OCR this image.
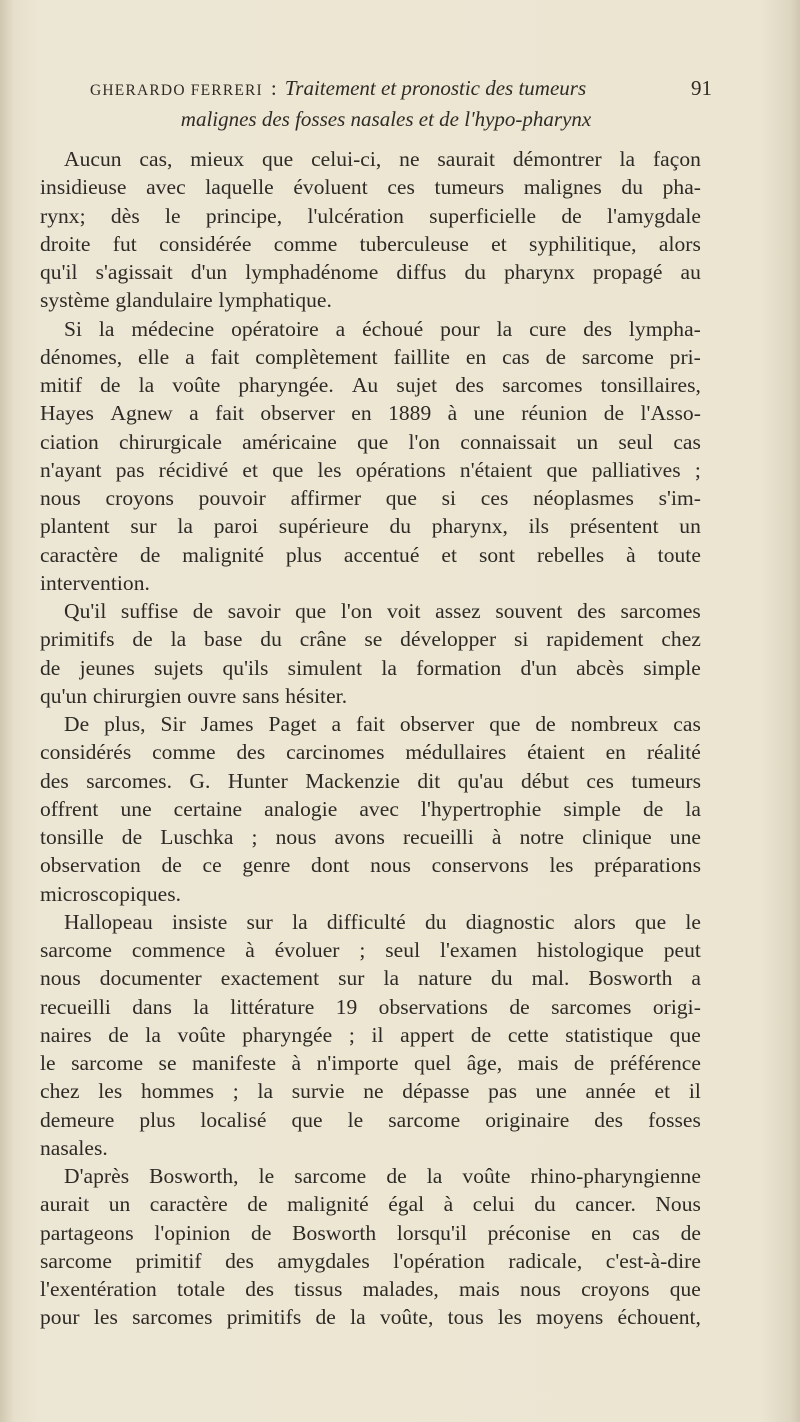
GHERARDO FERRERI : Traitement et pronostic des tumeurs	91
malignes des fosses nasales et de l'hypo-pharynx
Aucun cas, mieux que celui-ci, ne saurait démontrer la façon
insidieuse avec laquelle évoluent ces tumeurs malignes du pha-
rynx; dès le principe, l'ulcération superficielle de l'amygdale
droite fut considérée comme tuberculeuse et syphilitique, alors
qu'il s'agissait d'un lymphadénome diffus du pharynx propagé au
système glandulaire lymphatique.
Si la médecine opératoire a échoué pour la cure des lympha-
dénomes, elle a fait complètement faillite en cas de sarcome pri-
mitif de la voûte pharyngée. Au sujet des sarcomes tonsillaires,
Hayes Agnew a fait observer en 1889 à une réunion de l'Asso-
ciation chirurgicale américaine que l'on connaissait un seul cas
n'ayant pas récidivé et que les opérations n'étaient que palliatives ;
nous croyons pouvoir affirmer que si ces néoplasmes s'im-
plantent sur la paroi supérieure du pharynx, ils présentent un
caractère de malignité plus accentué et sont rebelles à toute
intervention.
Qu'il suffise de savoir que l'on voit assez souvent des sarcomes
primitifs de la base du crâne se développer si rapidement chez
de jeunes sujets qu'ils simulent la formation d'un abcès simple
qu'un chirurgien ouvre sans hésiter.
De plus, Sir James Paget a fait observer que de nombreux cas
considérés comme des carcinomes médullaires étaient en réalité
des sarcomes. G. Hunter Mackenzie dit qu'au début ces tumeurs
offrent une certaine analogie avec l'hypertrophie simple de la
tonsille de Luschka ; nous avons recueilli à notre clinique une
observation de ce genre dont nous conservons les préparations
microscopiques.
Hallopeau insiste sur la difficulté du diagnostic alors que le
sarcome commence à évoluer ; seul l'examen histologique peut
nous documenter exactement sur la nature du mal. Bosworth a
recueilli dans la littérature 19 observations de sarcomes origi-
naires de la voûte pharyngée ; il appert de cette statistique que
le sarcome se manifeste à n'importe quel âge, mais de préférence
chez les hommes ; la survie ne dépasse pas une année et il
demeure plus localisé que le sarcome originaire des fosses
nasales.
D'après Bosworth, le sarcome de la voûte rhino-pharyngienne
aurait un caractère de malignité égal à celui du cancer. Nous
partageons l'opinion de Bosworth lorsqu'il préconise en cas de
sarcome primitif des amygdales l'opération radicale, c'est-à-dire
l'exentération totale des tissus malades, mais nous croyons que
pour les sarcomes primitifs de la voûte, tous les moyens échouent,
